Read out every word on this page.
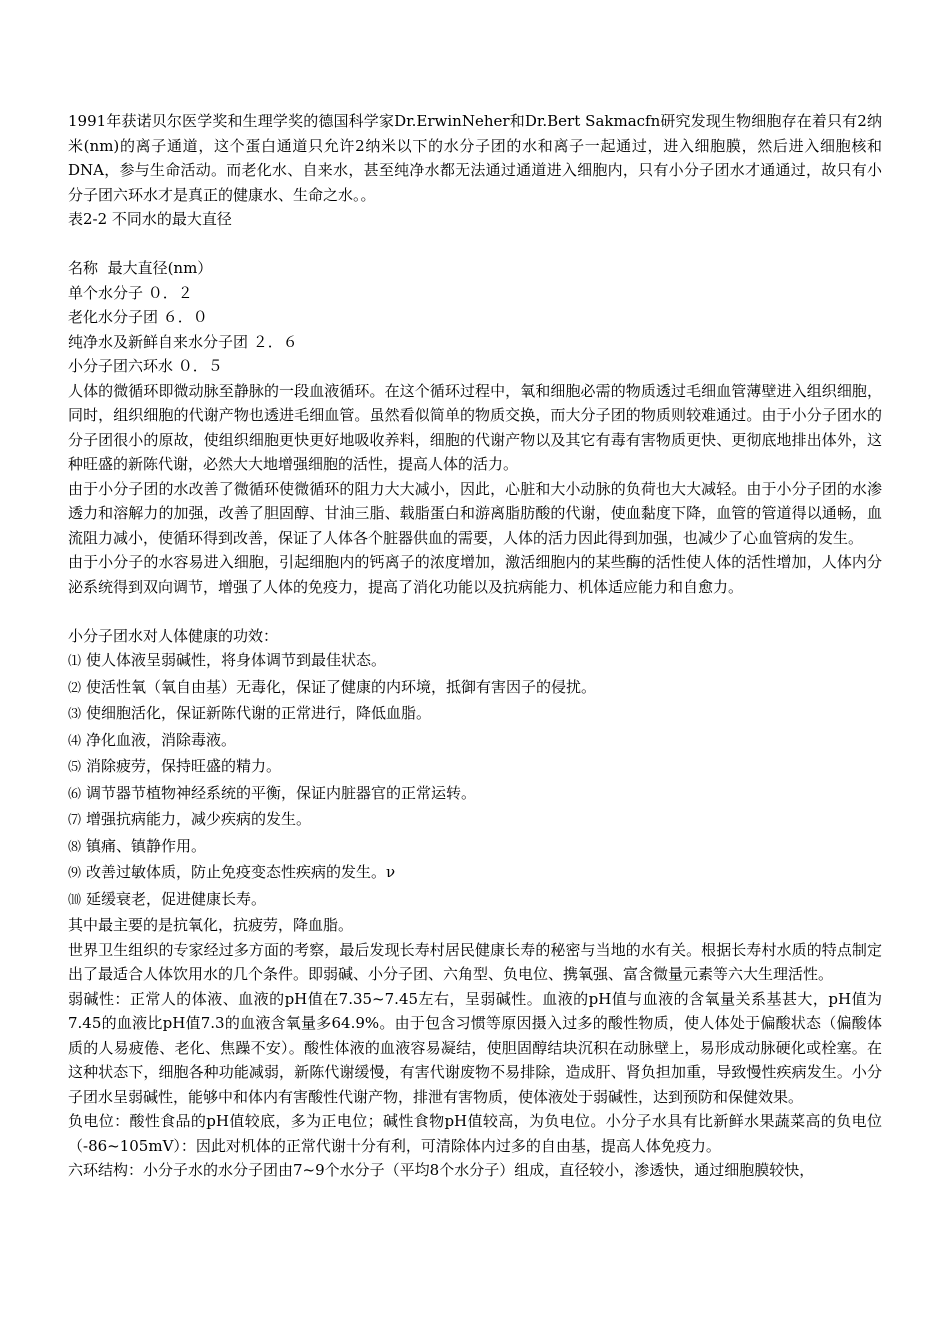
1991年获诺贝尔医学奖和生理学奖的德国科学家Dr.ErwinNeher和Dr.Bert Sakmacfn研究发现生物细胞存在着只有2纳米(nm)的离子通道，这个蛋白通道只允许2纳米以下的水分子团的水和离子一起通过，进入细胞膜，然后进入细胞核和DNA，参与生命活动。而老化水、自来水，甚至纯净水都无法通过通道进入细胞内，只有小分子团水才通通过，故只有小分子团六环水才是真正的健康水、生命之水。。

表2-2 不同水的最大直径

名称 最大直径(nm）

单个水分子 ０．２

老化水分子团 ６．０

纯净水及新鲜自来水分子团 ２．６

小分子团六环水 ０．５

人体的微循环即微动脉至静脉的一段血液循环。在这个循环过程中，氧和细胞必需的物质透过毛细血管薄壁进入组织细胞，同时，组织细胞的代谢产物也透进毛细血管。虽然看似简单的物质交换，而大分子团的物质则较难通过。由于小分子团水的分子团很小的原故，使组织细胞更快更好地吸收养料，细胞的代谢产物以及其它有毒有害物质更快、更彻底地排出体外，这种旺盛的新陈代谢，必然大大地增强细胞的活性，提高人体的活力。

由于小分子团的水改善了微循环使微循环的阻力大大减小，因此，心脏和大小动脉的负荷也大大减轻。由于小分子团的水渗透力和溶解力的加强，改善了胆固醇、甘油三脂、载脂蛋白和游离脂肪酸的代谢，使血黏度下降，血管的管道得以通畅，血流阻力减小，使循环得到改善，保证了人体各个脏器供血的需要，人体的活力因此得到加强，也减少了心血管病的发生。

由于小分子的水容易进入细胞，引起细胞内的钙离子的浓度增加，激活细胞内的某些酶的活性使人体的活性增加，人体内分泌系统得到双向调节，增强了人体的免疫力，提高了消化功能以及抗病能力、机体适应能力和自愈力。

小分子团水对人体健康的功效：

⑴ 使人体液呈弱碱性，将身体调节到最佳状态。
⑵ 使活性氧（氧自由基）无毒化，保证了健康的内环境，抵御有害因子的侵扰。
⑶ 使细胞活化，保证新陈代谢的正常进行，降低血脂。
⑷ 净化血液，消除毒液。
⑸ 消除疲劳，保持旺盛的精力。
⑹ 调节器节植物神经系统的平衡，保证内脏器官的正常运转。
⑺ 增强抗病能力，减少疾病的发生。
⑻ 镇痛、镇静作用。
⑼ 改善过敏体质，防止免疫变态性疾病的发生。ν
⑽ 延缓衰老，促进健康长寿。

其中最主要的是抗氧化，抗疲劳，降血脂。

世界卫生组织的专家经过多方面的考察，最后发现长寿村居民健康长寿的秘密与当地的水有关。根据长寿村水质的特点制定出了最适合人体饮用水的几个条件。即弱碱、小分子团、六角型、负电位、携氧强、富含微量元素等六大生理活性。

弱碱性：正常人的体液、血液的pH值在7.35~7.45左右，呈弱碱性。血液的pH值与血液的含氧量关系基甚大，pH值为7.45的血液比pH值7.3的血液含氧量多64.9%。由于包含习惯等原因摄入过多的酸性物质，使人体处于偏酸状态（偏酸体质的人易疲倦、老化、焦躁不安）。酸性体液的血液容易凝结，使胆固醇结块沉积在动脉壁上，易形成动脉硬化或栓塞。在这种状态下，细胞各种功能减弱，新陈代谢缓慢，有害代谢废物不易排除，造成肝、肾负担加重，导致慢性疾病发生。小分子团水呈弱碱性，能够中和体内有害酸性代谢产物，排泄有害物质，使体液处于弱碱性，达到预防和保健效果。

负电位：酸性食品的pH值较底，多为正电位；碱性食物pH值较高，为负电位。小分子水具有比新鲜水果蔬菜高的负电位（-86~105mV）：因此对机体的正常代谢十分有利，可清除体内过多的自由基，提高人体免疫力。

六环结构：小分子水的水分子团由7~9个水分子（平均8个水分子）组成，直径较小，渗透快，通过细胞膜较快，
